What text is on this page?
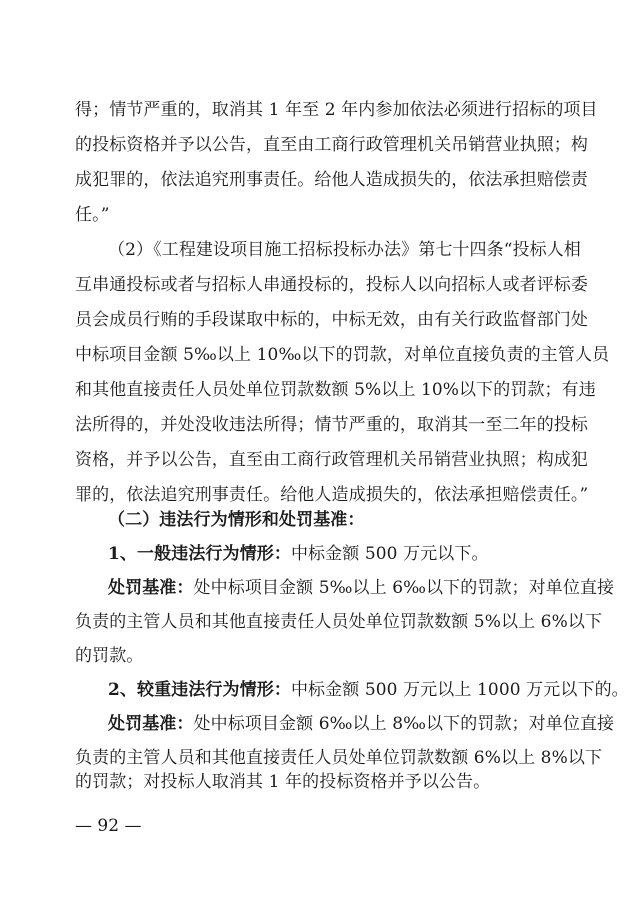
得；情节严重的，取消其 1 年至 2 年内参加依法必须进行招标的项目
的投标资格并予以公告，直至由工商行政管理机关吊销营业执照；构
成犯罪的，依法追究刑事责任。给他人造成损失的，依法承担赔偿责
任。”
（2）《工程建设项目施工招标投标办法》第七十四条“投标人相
互串通投标或者与招标人串通投标的，投标人以向招标人或者评标委
员会成员行贿的手段谋取中标的，中标无效，由有关行政监督部门处
中标项目金额 5‰以上 10‰以下的罚款，对单位直接负责的主管人员
和其他直接责任人员处单位罚款数额 5%以上 10%以下的罚款；有违
法所得的，并处没收违法所得；情节严重的，取消其一至二年的投标
资格，并予以公告，直至由工商行政管理机关吊销营业执照；构成犯
罪的，依法追究刑事责任。给他人造成损失的，依法承担赔偿责任。”
（二）违法行为情形和处罚基准：
1、一般违法行为情形：中标金额 500 万元以下。
处罚基准：处中标项目金额 5‰以上 6‰以下的罚款；对单位直接
负责的主管人员和其他直接责任人员处单位罚款数额 5%以上 6%以下
的罚款。
2、较重违法行为情形：中标金额 500 万元以上 1000 万元以下的。
处罚基准：处中标项目金额 6‰以上 8‰以下的罚款；对单位直接
负责的主管人员和其他直接责任人员处单位罚款数额 6%以上 8%以下
— 92 —
的罚款；对投标人取消其 1 年的投标资格并予以公告。
